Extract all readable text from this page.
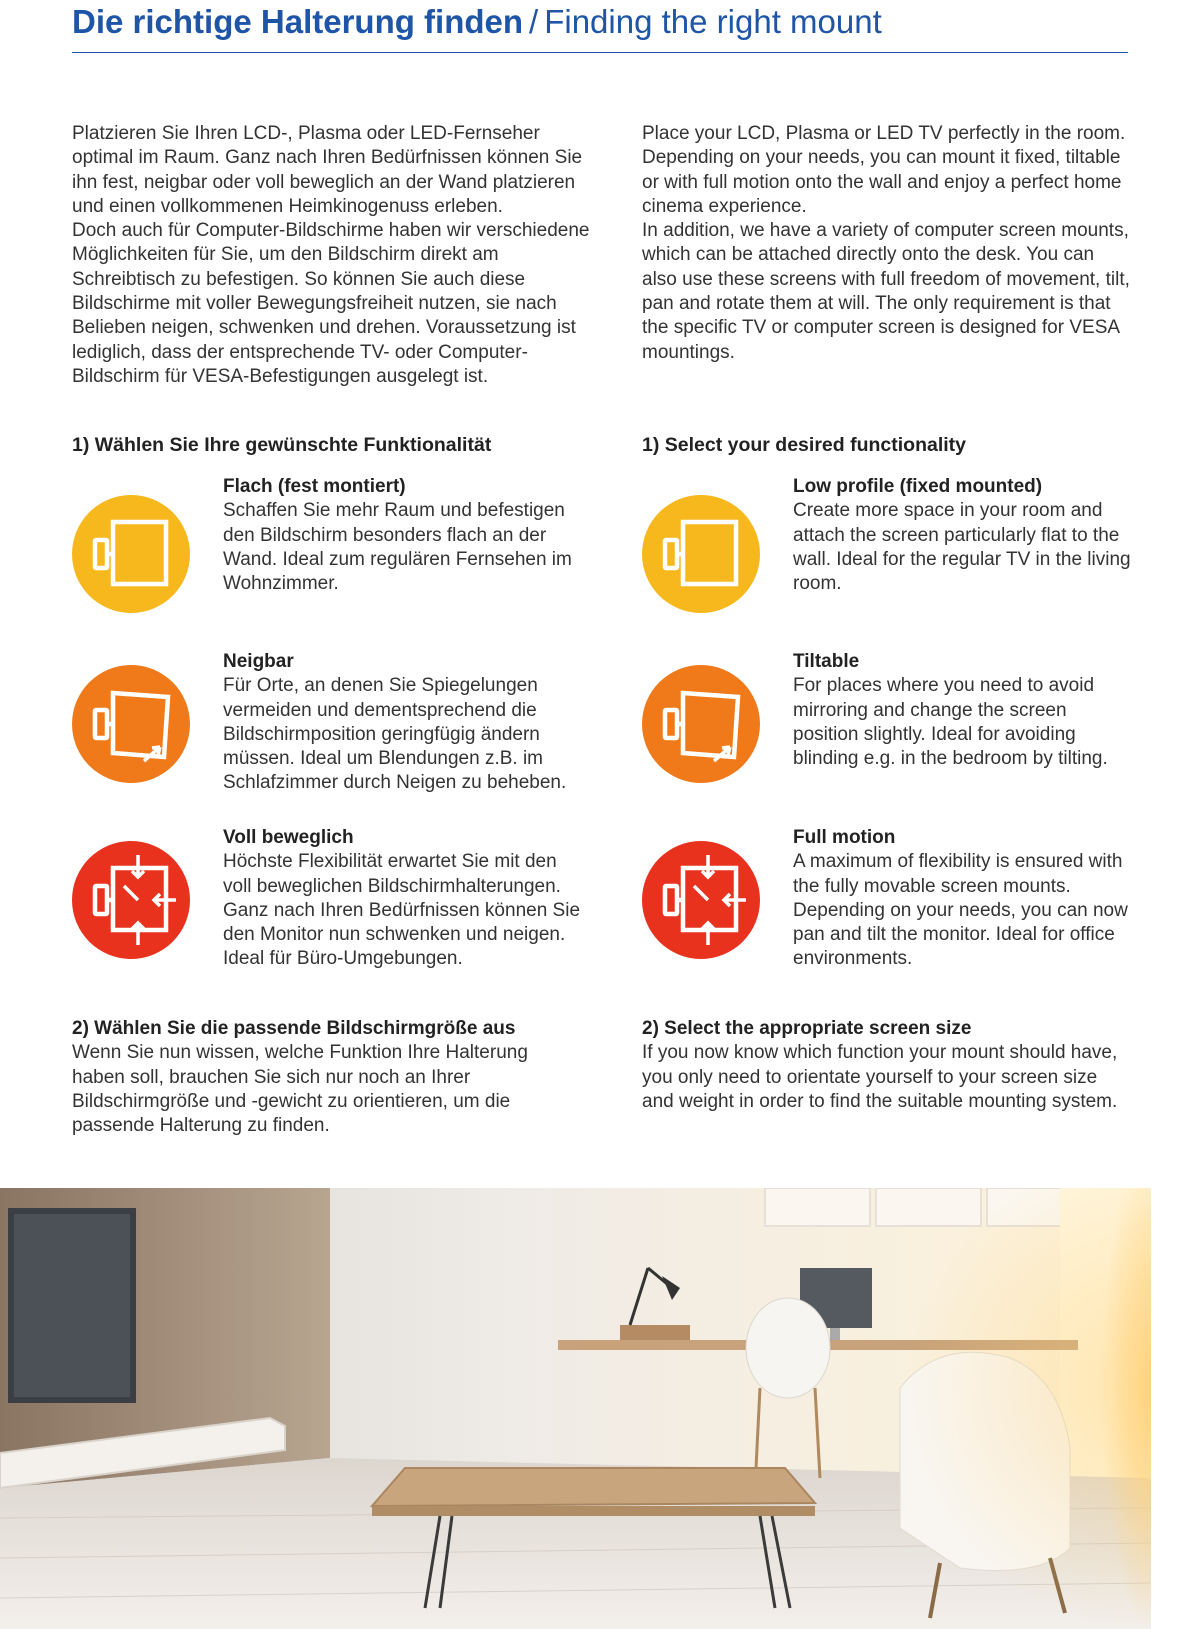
Die richtige Halterung finden / Finding the right mount

Platzieren Sie Ihren LCD-, Plasma oder LED-Fernseher optimal im Raum. Ganz nach Ihren Bedürfnissen können Sie ihn fest, neigbar oder voll beweglich an der Wand platzieren und einen vollkommenen Heimkinogenuss erleben.

Doch auch für Computer-Bildschirme haben wir verschiedene Möglichkeiten für Sie, um den Bildschirm direkt am Schreibtisch zu befestigen. So können Sie auch diese Bildschirme mit voller Bewegungsfreiheit nutzen, sie nach Belieben neigen, schwenken und drehen. Voraussetzung ist lediglich, dass der entsprechende TV- oder Computer-Bildschirm für VESA-Befestigungen ausgelegt ist.

Place your LCD, Plasma or LED TV perfectly in the room. Depending on your needs, you can mount it fixed, tiltable or with full motion onto the wall and enjoy a perfect home cinema experience.

In addition, we have a variety of computer screen mounts, which can be attached directly onto the desk. You can also use these screens with full freedom of movement, tilt, pan and rotate them at will. The only requirement is that the specific TV or computer screen is designed for VESA mountings.

1) Wählen Sie Ihre gewünschte Funktionalität	1) Select your desired functionality
Flach (fest montiert)
Schaffen Sie mehr Raum und befestigen den Bildschirm besonders flach an der Wand. Ideal zum regulären Fernsehen im Wohnzimmer.
Neigbar
Für Orte, an denen Sie Spiegelungen vermeiden und dementsprechend die Bildschirmposition geringfügig ändern müssen. Ideal um Blendungen z.B. im Schlafzimmer durch Neigen zu beheben.
Voll beweglich
Höchste Flexibilität erwartet Sie mit den voll beweglichen Bildschirmhalterungen. Ganz nach Ihren Bedürfnissen können Sie den Monitor nun schwenken und neigen. Ideal für Büro-Umgebungen.
Low profile (fixed mounted)
Create more space in your room and attach the screen particularly flat to the wall. Ideal for the regular TV in the living room.
Tiltable
For places where you need to avoid mirroring and change the screen position slightly. Ideal for avoiding blinding e.g. in the bedroom by tilting.
Full motion
A maximum of flexibility is ensured with the fully movable screen mounts. Depending on your needs, you can now pan and tilt the monitor. Ideal for office environments.
2) Wählen Sie die passende Bildschirmgröße aus
Wenn Sie nun wissen, welche Funktion Ihre Halterung haben soll, brauchen Sie sich nur noch an Ihrer Bildschirmgröße und -gewicht zu orientieren, um die passende Halterung zu finden.
2) Select the appropriate screen size
If you now know which function your mount should have, you only need to orientate yourself to your screen size and weight in order to find the suitable mounting system.
